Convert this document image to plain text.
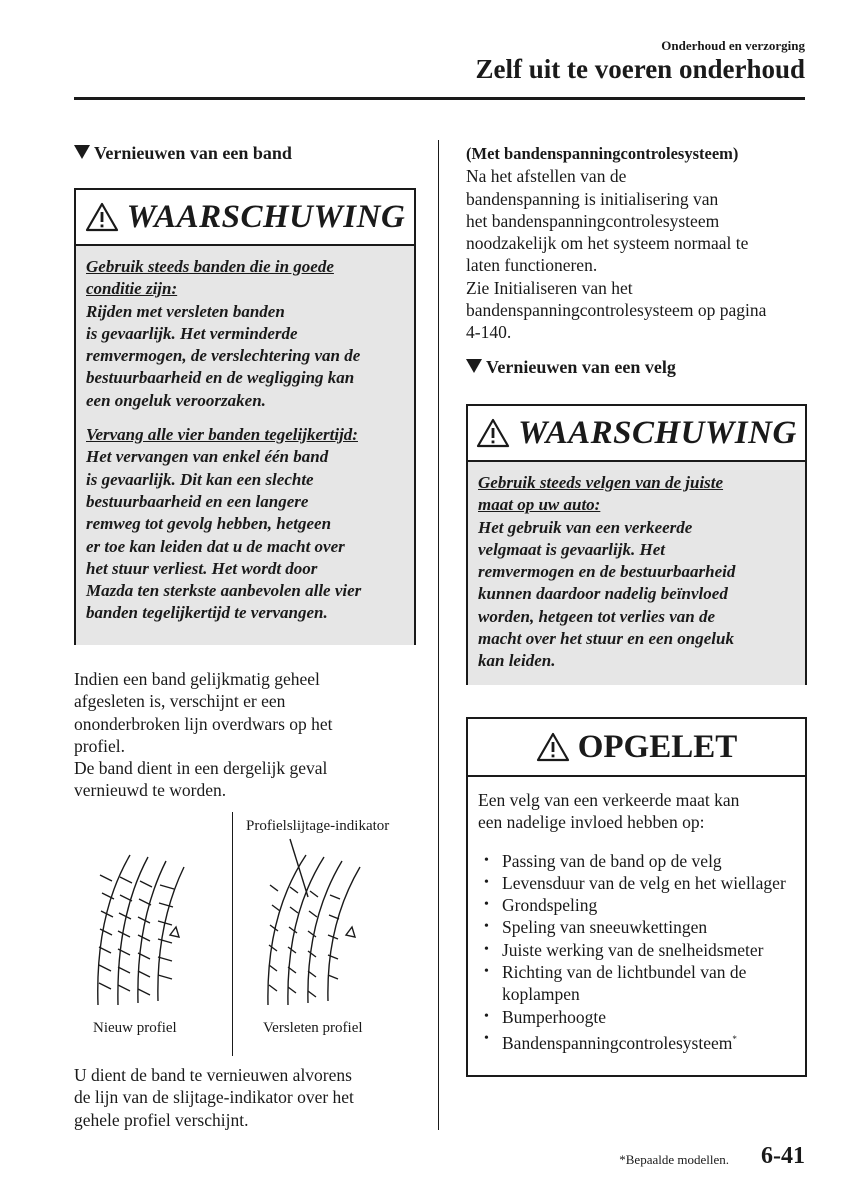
Onderhoud en verzorging
Zelf uit te voeren onderhoud
Vernieuwen van een band
WAARSCHUWING

Gebruik steeds banden die in goede

conditie zijn:

Rijden met versleten banden

is gevaarlijk. Het verminderde

remvermogen, de verslechtering van de

bestuurbaarheid en de wegligging kan

een ongeluk veroorzaken.

Vervang alle vier banden tegelijkertijd:

Het vervangen van enkel één band

is gevaarlijk. Dit kan een slechte

bestuurbaarheid en een langere

remweg tot gevolg hebben, hetgeen

er toe kan leiden dat u de macht over

het stuur verliest. Het wordt door

Mazda ten sterkste aanbevolen alle vier

banden tegelijkertijd te vervangen.

Indien een band gelijkmatig geheel
afgesleten is, verschijnt er een
ononderbroken lijn overdwars op het
profiel.
De band dient in een dergelijk geval
vernieuwd te worden.
Profielslijtage-indikator
Nieuw profiel	Versleten profiel
U dient de band te vernieuwen alvorens
de lijn van de slijtage-indikator over het
gehele profiel verschijnt.
(Met bandenspanningcontrolesysteem)
Na het afstellen van de
bandenspanning is initialisering van
het bandenspanningcontrolesysteem
noodzakelijk om het systeem normaal te
laten functioneren.
Zie Initialiseren van het
bandenspanningcontrolesysteem op pagina
4-140.
Vernieuwen van een velg
WAARSCHUWING

Gebruik steeds velgen van de juiste

maat op uw auto:

Het gebruik van een verkeerde

velgmaat is gevaarlijk. Het

remvermogen en de bestuurbaarheid

kunnen daardoor nadelig beïnvloed

worden, hetgeen tot verlies van de

macht over het stuur en een ongeluk

kan leiden.

OPGELET

Een velg van een verkeerde maat kan
een nadelige invloed hebben op:

• Passing van de band op de velg
• Levensduur van de velg en het wiellager
• Grondspeling
• Speling van sneeuwkettingen
• Juiste werking van de snelheidsmeter
• Richting van de lichtbundel van de koplampen
• Bumperhoogte
• Bandenspanningcontrolesysteem*
*Bepaalde modellen. 6-41
